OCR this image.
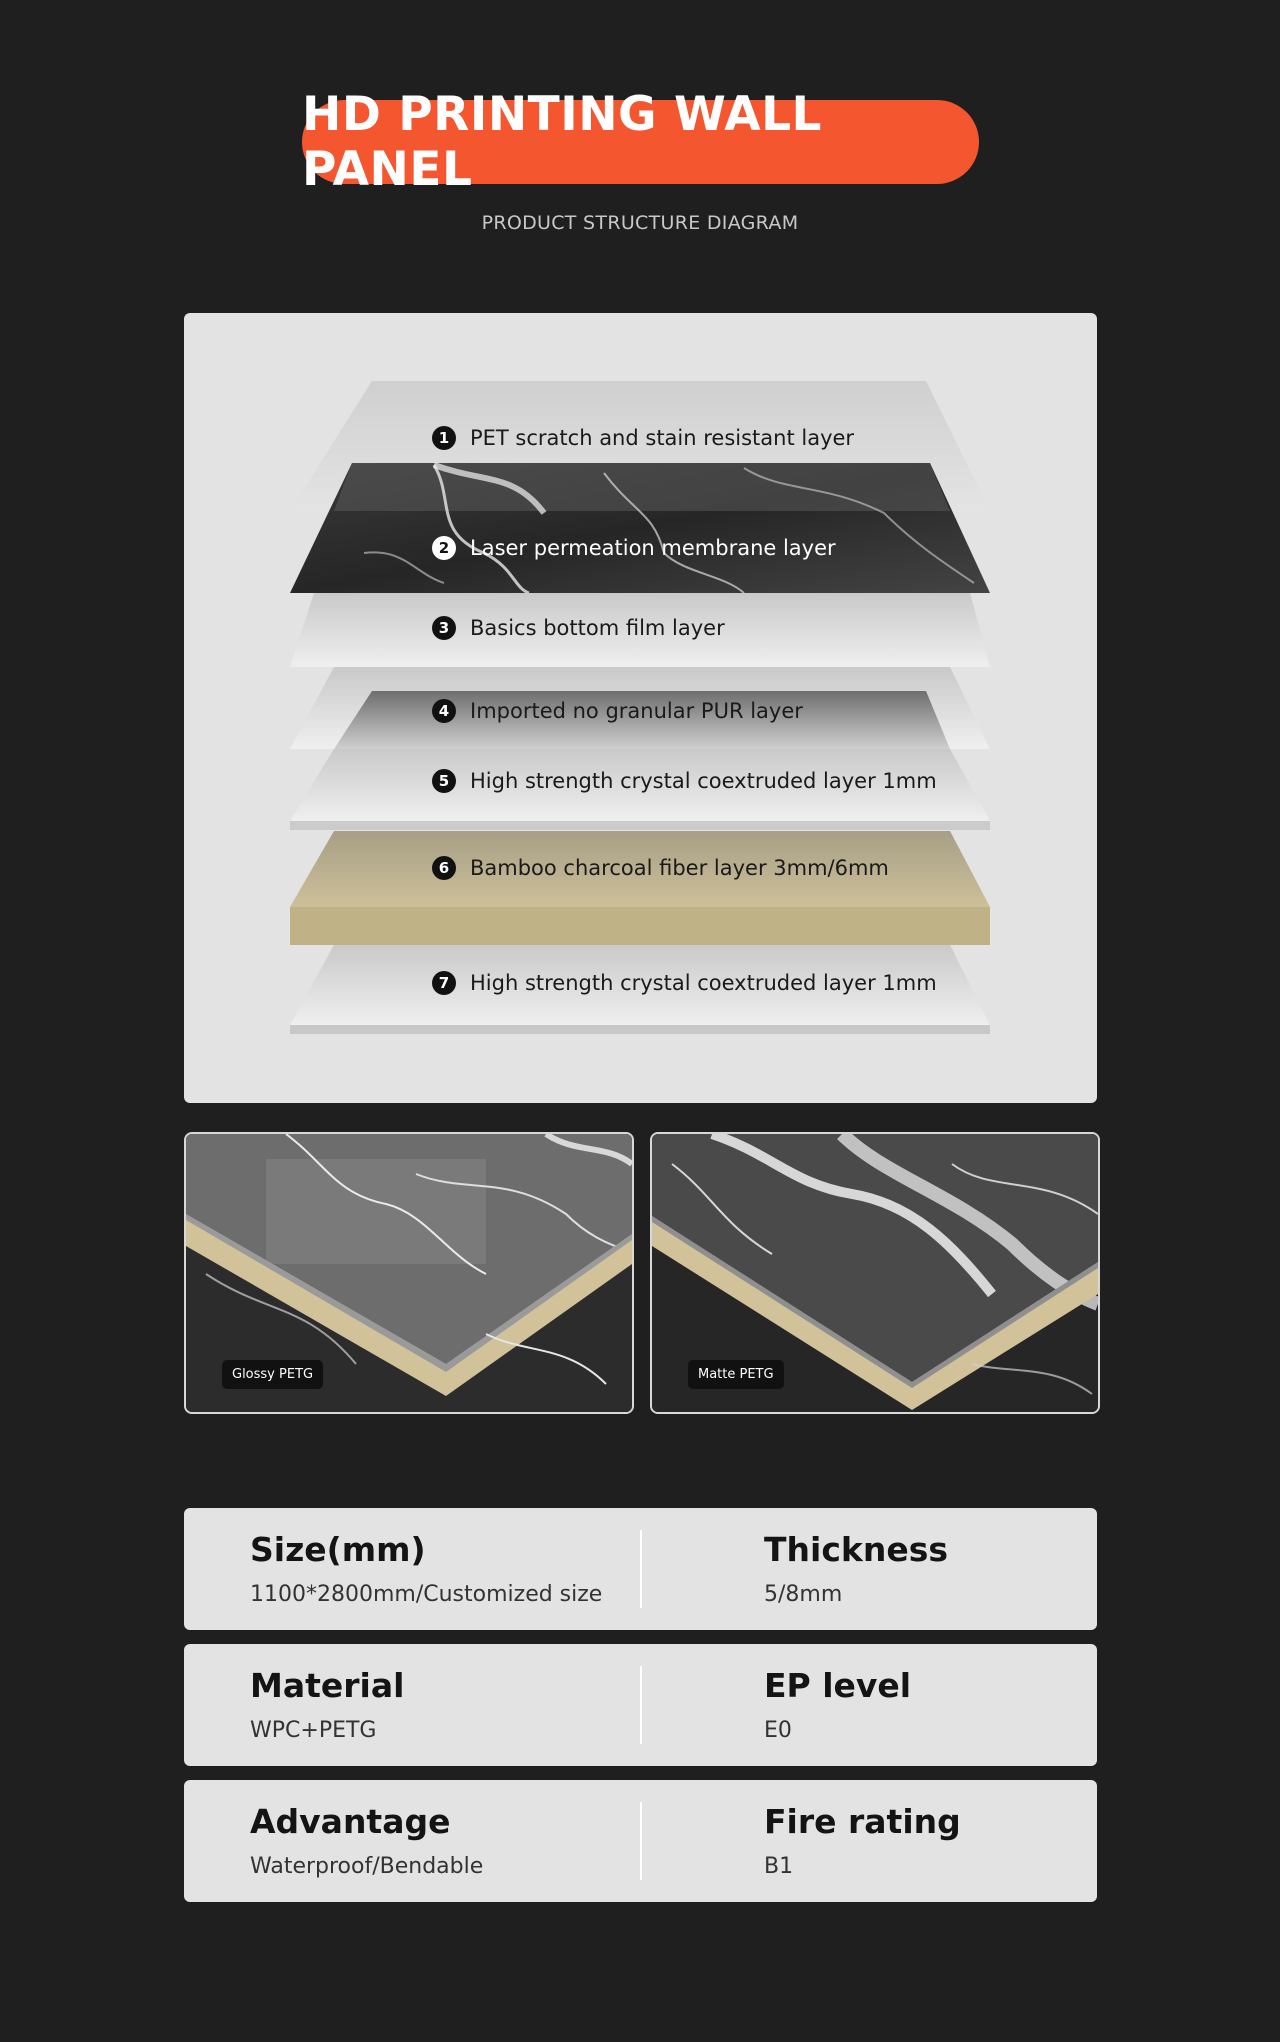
HD PRINTING WALL PANEL
PRODUCT STRUCTURE DIAGRAM
1 PET scratch and stain resistant layer
2 Laser permeation membrane layer
3 Basics bottom film layer
4 Imported no granular PUR layer
5 High strength crystal coextruded layer 1mm
6 Bamboo charcoal fiber layer 3mm/6mm
7 High strength crystal coextruded layer 1mm
Glossy PETG	Matte PETG
Size(mm)
1100*2800mm/Customized size
Thickness
5/8mm
Material
WPC+PETG
EP level
E0
Advantage
Waterproof/Bendable
Fire rating
B1
